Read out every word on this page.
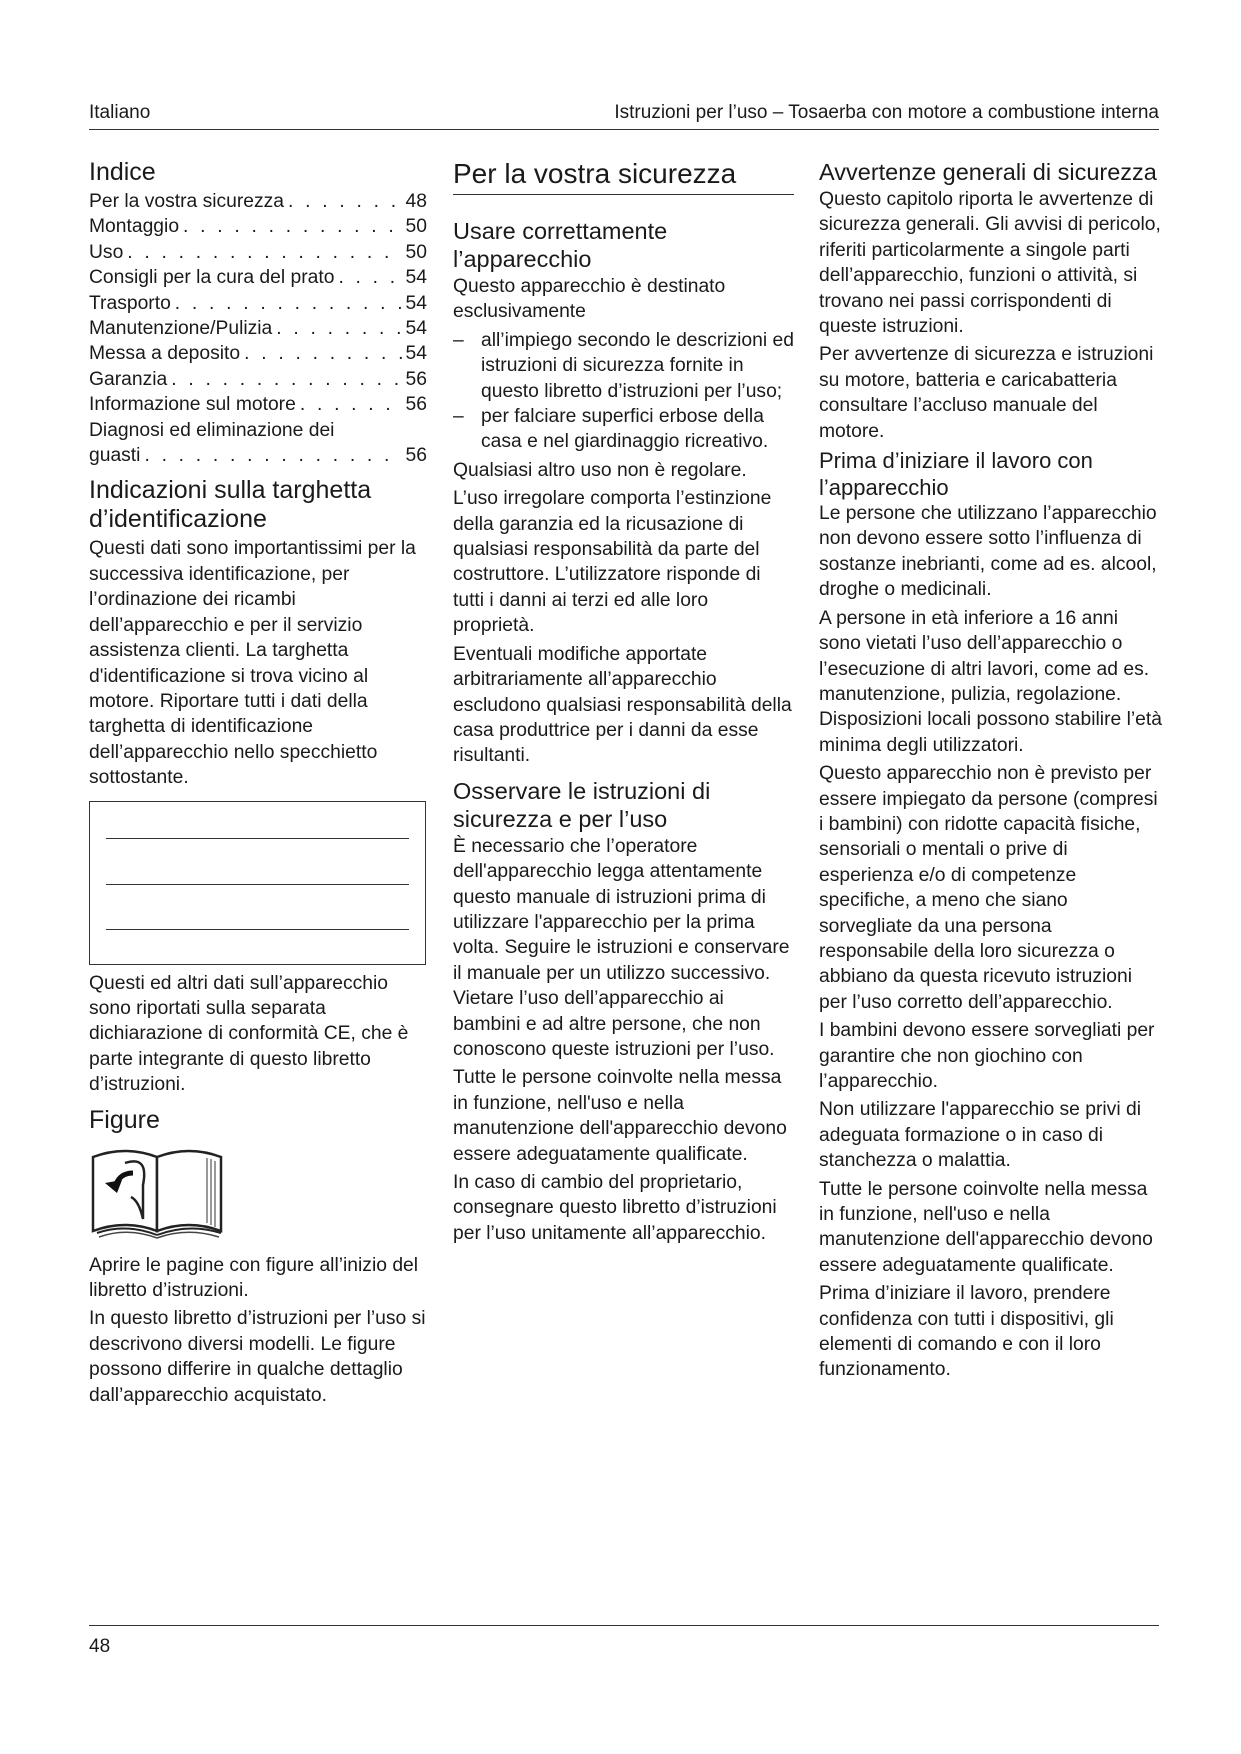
Italiano	Istruzioni per l’uso – Tosaerba con motore a combustione interna
Indice
Per la vostra sicurezza . . .	48
Montaggio . . .	50
Uso . . .	50
Consigli per la cura del prato . . .	54
Trasporto . . .	54
Manutenzione/Pulizia . . .	54
Messa a deposito . . .	54
Garanzia . . .	56
Informazione sul motore . . .	56
Diagnosi ed eliminazione dei
guasti . . .	56
Indicazioni sulla targhetta d’identificazione

Questi dati sono importantissimi per la successiva identificazione, per l’ordinazione dei ricambi dell’apparecchio e per il servizio assistenza clienti. La targhetta d'identificazione si trova vicino al motore. Riportare tutti i dati della targhetta di identificazione dell’apparecchio nello specchietto sottostante.

Questi ed altri dati sull’apparecchio sono riportati sulla separata dichiarazione di conformità CE, che è parte integrante di questo libretto d’istruzioni.

Figure

Aprire le pagine con figure all’inizio del libretto d’istruzioni.

In questo libretto d’istruzioni per l’uso si descrivono diversi modelli. Le figure possono differire in qualche dettaglio dall’apparecchio acquistato.

Per la vostra sicurezza
Usare correttamente l’apparecchio

Questo apparecchio è destinato esclusivamente

– all’impiego secondo le descrizioni ed istruzioni di sicurezza fornite in questo libretto d’istruzioni per l’uso;
– per falciare superfici erbose della casa e nel giardinaggio ricreativo.

Qualsiasi altro uso non è regolare.

L’uso irregolare comporta l’estinzione della garanzia ed la ricusazione di qualsiasi responsabilità da parte del costruttore. L’utilizzatore risponde di tutti i danni ai terzi ed alle loro proprietà.

Eventuali modifiche apportate arbitrariamente all’apparecchio escludono qualsiasi responsabilità della casa produttrice per i danni da esse risultanti.

Osservare le istruzioni di sicurezza e per l’uso

È necessario che l’operatore dell'apparecchio legga attentamente questo manuale di istruzioni prima di utilizzare l'apparecchio per la prima volta. Seguire le istruzioni e conservare il manuale per un utilizzo successivo. Vietare l’uso dell’apparecchio ai bambini e ad altre persone, che non conoscono queste istruzioni per l’uso.

Tutte le persone coinvolte nella messa in funzione, nell'uso e nella manutenzione dell'apparecchio devono essere adeguatamente qualificate.

In caso di cambio del proprietario, consegnare questo libretto d’istruzioni per l’uso unitamente all’apparecchio.

Avvertenze generali di sicurezza

Questo capitolo riporta le avvertenze di sicurezza generali. Gli avvisi di pericolo, riferiti particolarmente a singole parti dell’apparecchio, funzioni o attività, si trovano nei passi corrispondenti di queste istruzioni.

Per avvertenze di sicurezza e istruzioni su motore, batteria e caricabatteria consultare l’accluso manuale del motore.

Prima d’iniziare il lavoro con l’apparecchio

Le persone che utilizzano l’apparecchio non devono essere sotto l’influenza di sostanze inebrianti, come ad es. alcool, droghe o medicinali.

A persone in età inferiore a 16 anni sono vietati l’uso dell’apparecchio o l’esecuzione di altri lavori, come ad es. manutenzione, pulizia, regolazione. Disposizioni locali possono stabilire l’età minima degli utilizzatori.

Questo apparecchio non è previsto per essere impiegato da persone (compresi i bambini) con ridotte capacità fisiche, sensoriali o mentali o prive di esperienza e/o di competenze specifiche, a meno che siano sorvegliate da una persona responsabile della loro sicurezza o abbiano da questa ricevuto istruzioni per l’uso corretto dell’apparecchio.

I bambini devono essere sorvegliati per garantire che non giochino con l’apparecchio.

Non utilizzare l'apparecchio se privi di adeguata formazione o in caso di stanchezza o malattia.

Tutte le persone coinvolte nella messa in funzione, nell'uso e nella manutenzione dell'apparecchio devono essere adeguatamente qualificate.

Prima d’iniziare il lavoro, prendere confidenza con tutti i dispositivi, gli elementi di comando e con il loro funzionamento.

48
